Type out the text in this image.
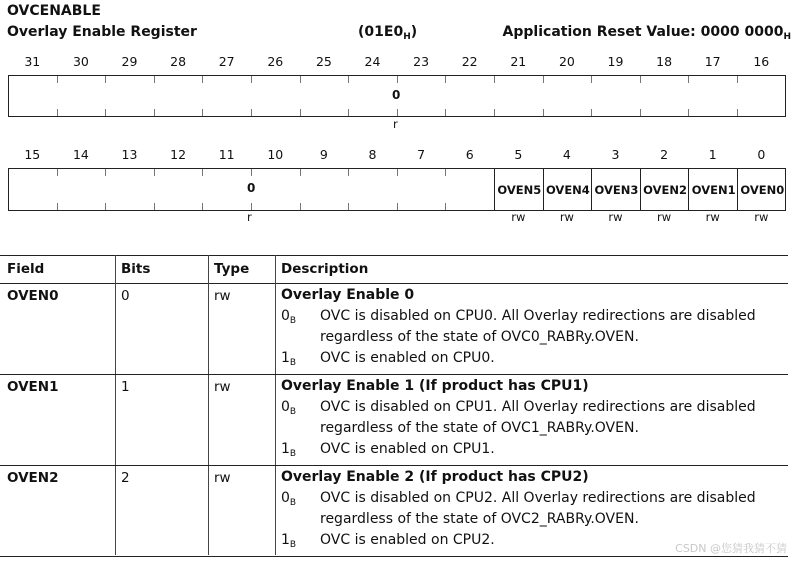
OVCENABLE
Overlay Enable Register	$(01E0_H)$	Application Reset Value: 0000 $0000_H$
31	30	29	28	27	26	25	24	23	22	21	20	19	18	17	16
0
r
15	14	13	12	11	10	9	8	7	6	5	4	3	2	1	0
0	OVEN5 OVEN4 OVEN3 OVEN2 OVEN1 OVEN0
r	rw	rw	rw	rw	rw	rw
Field	Bits	Type Description
OVEN0	0	rw	Overlay Enable 0
$0_B$ OVC is disabled on CPU0. All Overlay redirections are disabled
regardless of the state of OVC0_RABRy.OVEN.
$1_B$ OVC is enabled on CPU0.
OVEN1	1	rw	Overlay Enable 1 (If product has CPU1)
$0_B$ OVC is disabled on CPU1. All Overlay redirections are disabled
regardless of the state of OVC1_RABRy.OVEN.
$1_B$ OVC is enabled on CPU1.
OVEN2	2	rw	Overlay Enable 2 (If product has CPU2)
$0_B$ OVC is disabled on CPU2. All Overlay redirections are disabled
regardless of the state of OVC2_RABRy.OVEN.
$1_B$ OVC is enabled on CPU2.
CSDN @您猜我猜不猜
